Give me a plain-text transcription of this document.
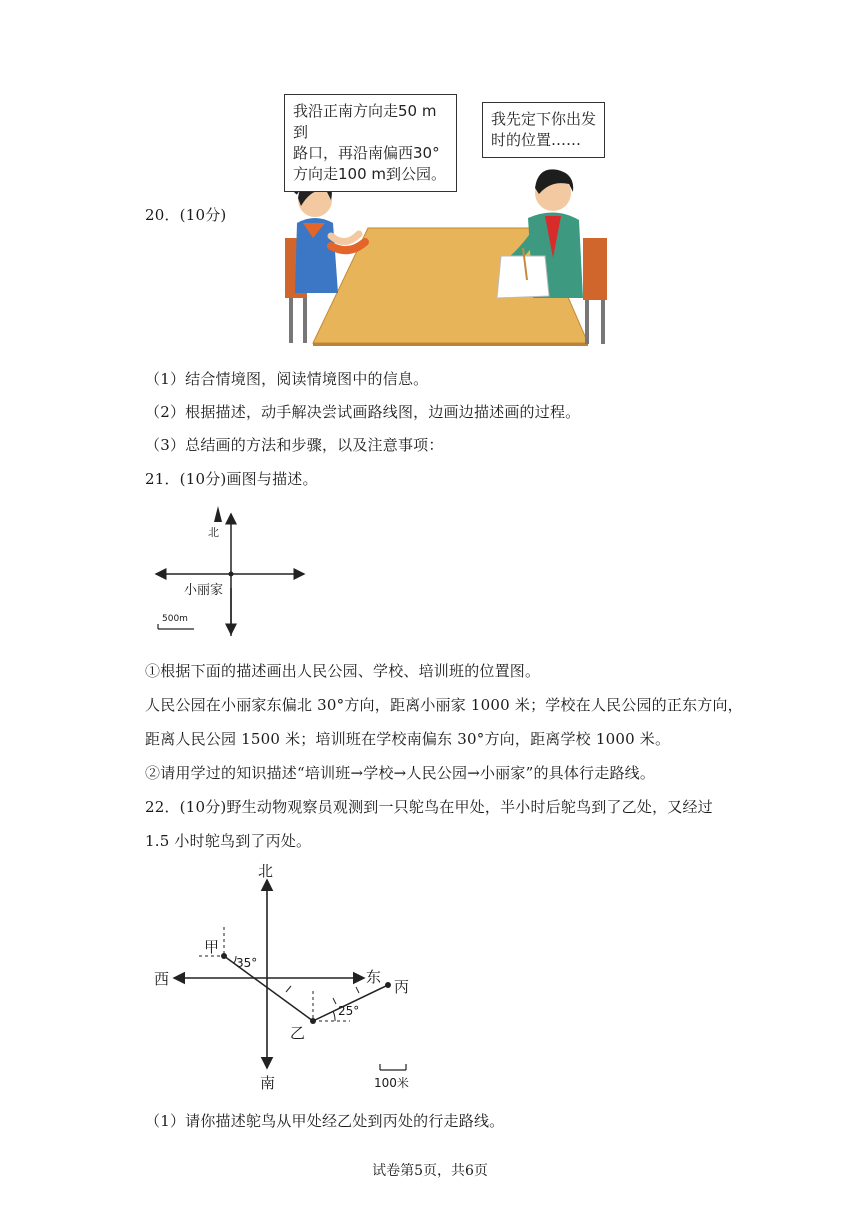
我沿正南方向走50 m到
路口，再沿南偏西30°
方向走100 m到公园。
我先定下你出发
时的位置……
20．(10分)
（1）结合情境图，阅读情境图中的信息。
（2）根据描述，动手解决尝试画路线图，边画边描述画的过程。
（3）总结画的方法和步骤，以及注意事项：
21．(10分)画图与描述。
北
小丽家
500m
①根据下面的描述画出人民公园、学校、培训班的位置图。
人民公园在小丽家东偏北 30°方向，距离小丽家 1000 米；学校在人民公园的正东方向，
距离人民公园 1500 米；培训班在学校南偏东 30°方向，距离学校 1000 米。
②请用学过的知识描述“培训班→学校→人民公园→小丽家”的具体行走路线。
22．(10分)野生动物观察员观测到一只鸵鸟在甲处，半小时后鸵鸟到了乙处，又经过
1.5 小时鸵鸟到了丙处。
北
南
西	东
甲
乙
丙
35°
25°
100米
（1）请你描述鸵鸟从甲处经乙处到丙处的行走路线。
试卷第5页，共6页
